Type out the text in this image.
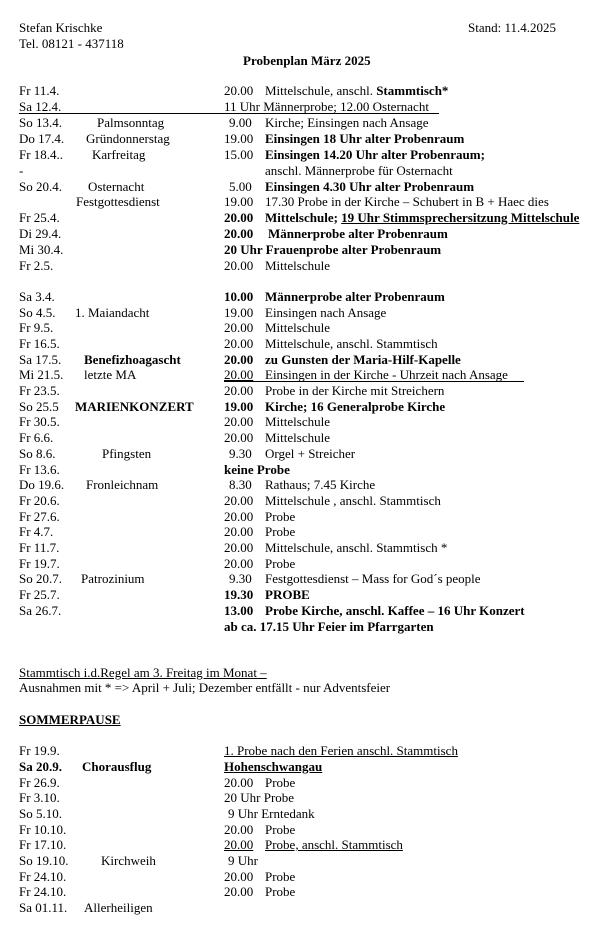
Stefan Krischke
Tel. 08121 - 437118
Stand: 11.4.2025
Probenplan März 2025
Fr 11.4.	20.00 Mittelschule, anschl. Stammtisch*
Sa 12.4.	11 Uhr Männerprobe; 12.00 Osternacht
So 13.4.	Palmsonntag	9.00 Kirche; Einsingen nach Ansage
Do 17.4. Gründonnerstag	19.00 Einsingen 18 Uhr alter Probenraum
Fr 18.4.. Karfreitag	15.00 Einsingen 14.20 Uhr alter Probenraum;
-	anschl. Männerprobe für Osternacht
So 20.4. Osternacht	5.00 Einsingen 4.30 Uhr alter Probenraum
Festgottesdienst	19.00 17.30 Probe in der Kirche – Schubert in B + Haec dies
Fr 25.4.	20.00 Mittelschule; 19 Uhr Stimmsprechersitzung Mittelschule
Di 29.4.	20.00 Männerprobe alter Probenraum
Mi 30.4.	20 Uhr Frauenprobe alter Probenraum
Fr 2.5.	20.00 Mittelschule
Sa 3.4.	10.00 Männerprobe alter Probenraum
So 4.5. 1. Maiandacht	19.00 Einsingen nach Ansage
Fr 9.5.	20.00 Mittelschule
Fr 16.5.	20.00 Mittelschule, anschl. Stammtisch
Sa 17.5. Benefizhoagascht	20.00 zu Gunsten der Maria-Hilf-Kapelle
Mi 21.5. letzte MA	20.00 Einsingen in der Kirche - Uhrzeit nach Ansage
Fr 23.5.	20.00 Probe in der Kirche mit Streichern
So 25.5 MARIENKONZERT 19.00 Kirche; 16 Generalprobe Kirche
Fr 30.5.	20.00 Mittelschule
Fr 6.6.	20.00 Mittelschule
So 8.6.	Pfingsten	9.30 Orgel + Streicher
Fr 13.6.	keine Probe
Do 19.6. Fronleichnam	8.30 Rathaus; 7.45 Kirche
Fr 20.6.	20.00 Mittelschule , anschl. Stammtisch
Fr 27.6.	20.00 Probe
Fr 4.7.	20.00 Probe
Fr 11.7.	20.00 Mittelschule, anschl. Stammtisch *
Fr 19.7.	20.00 Probe
So 20.7. Patrozinium	9.30 Festgottesdienst – Mass for God´s people
Fr 25.7.	19.30 PROBE
Sa 26.7.	13.00 Probe Kirche, anschl. Kaffee – 16 Uhr Konzert
ab ca. 17.15 Uhr Feier im Pfarrgarten
Stammtisch i.d.Regel am 3. Freitag im Monat –
Ausnahmen mit * => April + Juli; Dezember entfällt - nur Adventsfeier
SOMMERPAUSE
Fr 19.9.	1. Probe nach den Ferien anschl. Stammtisch
Sa 20.9. Chorausflug	Hohenschwangau
Fr 26.9.	20.00 Probe
Fr 3.10.	20 Uhr Probe
So 5.10.	9 Uhr Erntedank
Fr 10.10.	20.00 Probe
Fr 17.10.	20.00 Probe, anschl. Stammtisch
So 19.10.	Kirchweih	9 Uhr
Fr 24.10.	20.00 Probe
Fr 24.10.	20.00 Probe
Sa 01.11. Allerheiligen
